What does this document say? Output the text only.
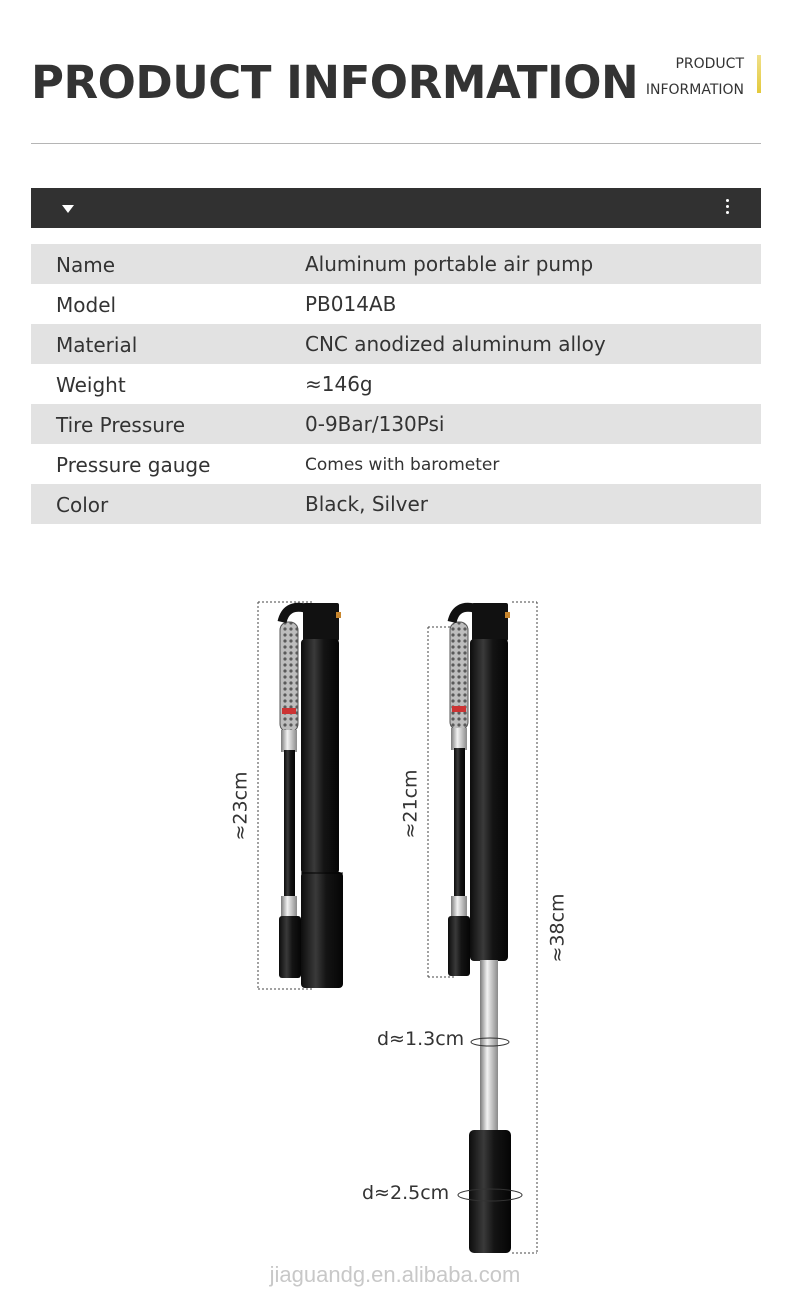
PRODUCT INFORMATION	PRODUCT
INFORMATION
Name	Aluminum portable air pump
Model	PB014AB
Material	CNC anodized aluminum alloy
Weight	≈146g
Tire Pressure	0-9Bar/130Psi
Pressure gauge	Comes with barometer
Color	Black, Silver
≈23cm	≈21cm
≈38cm
d≈1.3cm
d≈2.5cm
jiaguandg.en.alibaba.com
